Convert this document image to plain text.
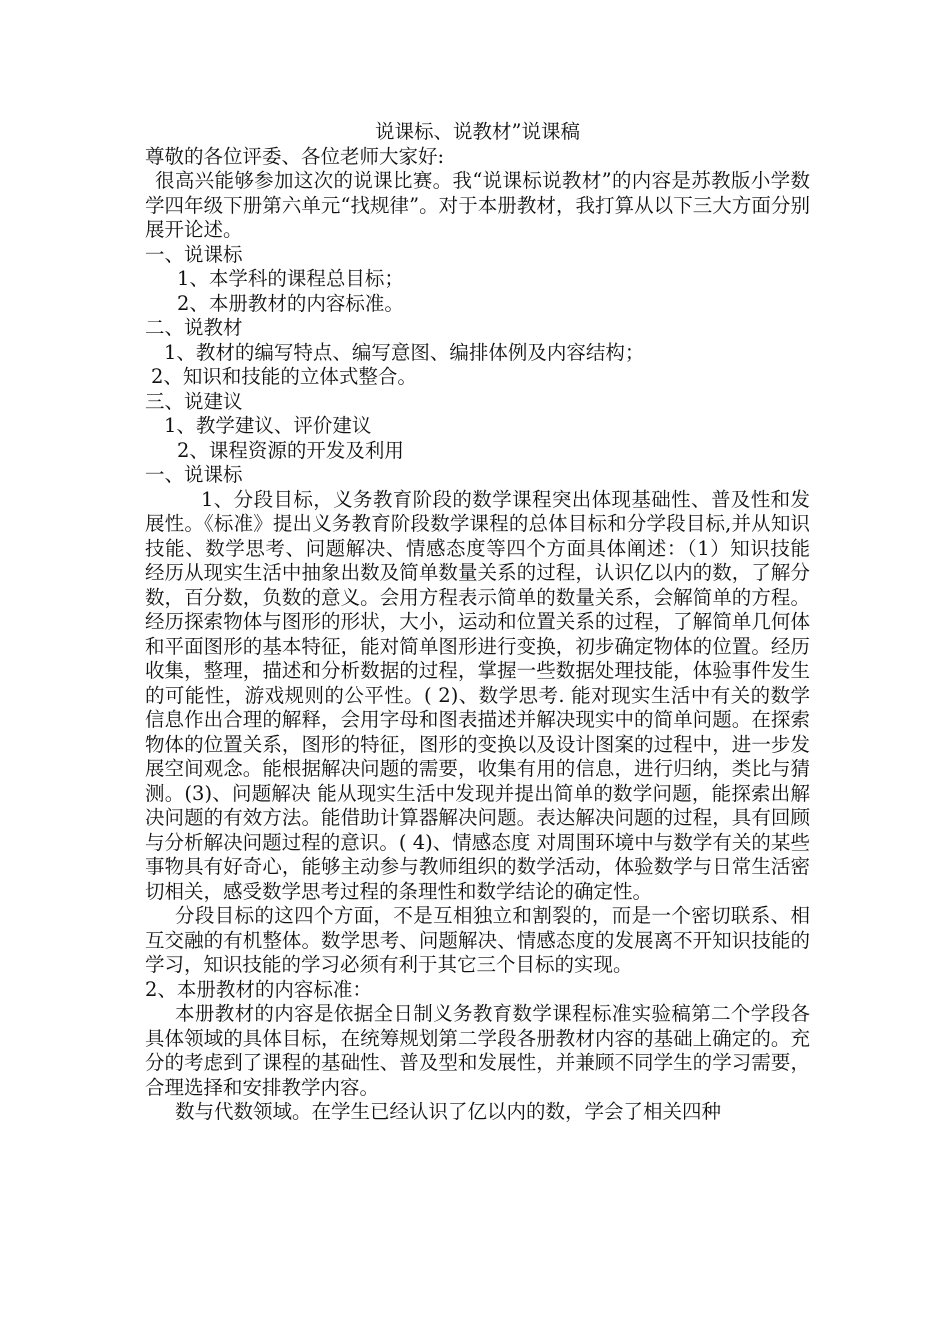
说课标、说教材”说课稿
尊敬的各位评委、各位老师大家好:
很高兴能够参加这次的说课比赛。我“说课标说教材”的内容是苏教版小学数学四年级下册第六单元“找规律”。对于本册教材，我打算从以下三大方面分别展开论述。
一、说课标
1、本学科的课程总目标；
2、本册教材的内容标准。
二、说教材
1、教材的编写特点、编写意图、编排体例及内容结构；
2、知识和技能的立体式整合。
三、说建议
1、教学建议、评价建议
2、课程资源的开发及利用
一、说课标
1、分段目标，义务教育阶段的数学课程突出体现基础性、普及性和发展性。《标准》提出义务教育阶段数学课程的总体目标和分学段目标,并从知识技能、数学思考、问题解决、情感态度等四个方面具体阐述：（1）知识技能 经历从现实生活中抽象出数及简单数量关系的过程，认识亿以内的数，了解分数，百分数，负数的意义。会用方程表示简单的数量关系，会解简单的方程。经历探索物体与图形的形状，大小，运动和位置关系的过程，了解简单几何体和平面图形的基本特征，能对简单图形进行变换，初步确定物体的位置。经历收集，整理，描述和分析数据的过程，掌握一些数据处理技能，体验事件发生的可能性，游戏规则的公平性。( 2)、数学思考. 能对现实生活中有关的数学信息作出合理的解释，会用字母和图表描述并解决现实中的简单问题。在探索物体的位置关系，图形的特征，图形的变换以及设计图案的过程中，进一步发展空间观念。能根据解决问题的需要，收集有用的信息，进行归纳，类比与猜测。(3)、问题解决 能从现实生活中发现并提出简单的数学问题，能探索出解决问题的有效方法。能借助计算器解决问题。表达解决问题的过程，具有回顾与分析解决问题过程的意识。( 4)、情感态度 对周围环境中与数学有关的某些事物具有好奇心，能够主动参与教师组织的数学活动，体验数学与日常生活密切相关，感受数学思考过程的条理性和数学结论的确定性。
分段目标的这四个方面，不是互相独立和割裂的，而是一个密切联系、相互交融的有机整体。数学思考、问题解决、情感态度的发展离不开知识技能的学习，知识技能的学习必须有利于其它三个目标的实现。
2、本册教材的内容标准：
本册教材的内容是依据全日制义务教育数学课程标准实验稿第二个学段各具体领域的具体目标，在统筹规划第二学段各册教材内容的基础上确定的。充分的考虑到了课程的基础性、普及型和发展性，并兼顾不同学生的学习需要，合理选择和安排教学内容。
数与代数领域。在学生已经认识了亿以内的数，学会了相关四种
